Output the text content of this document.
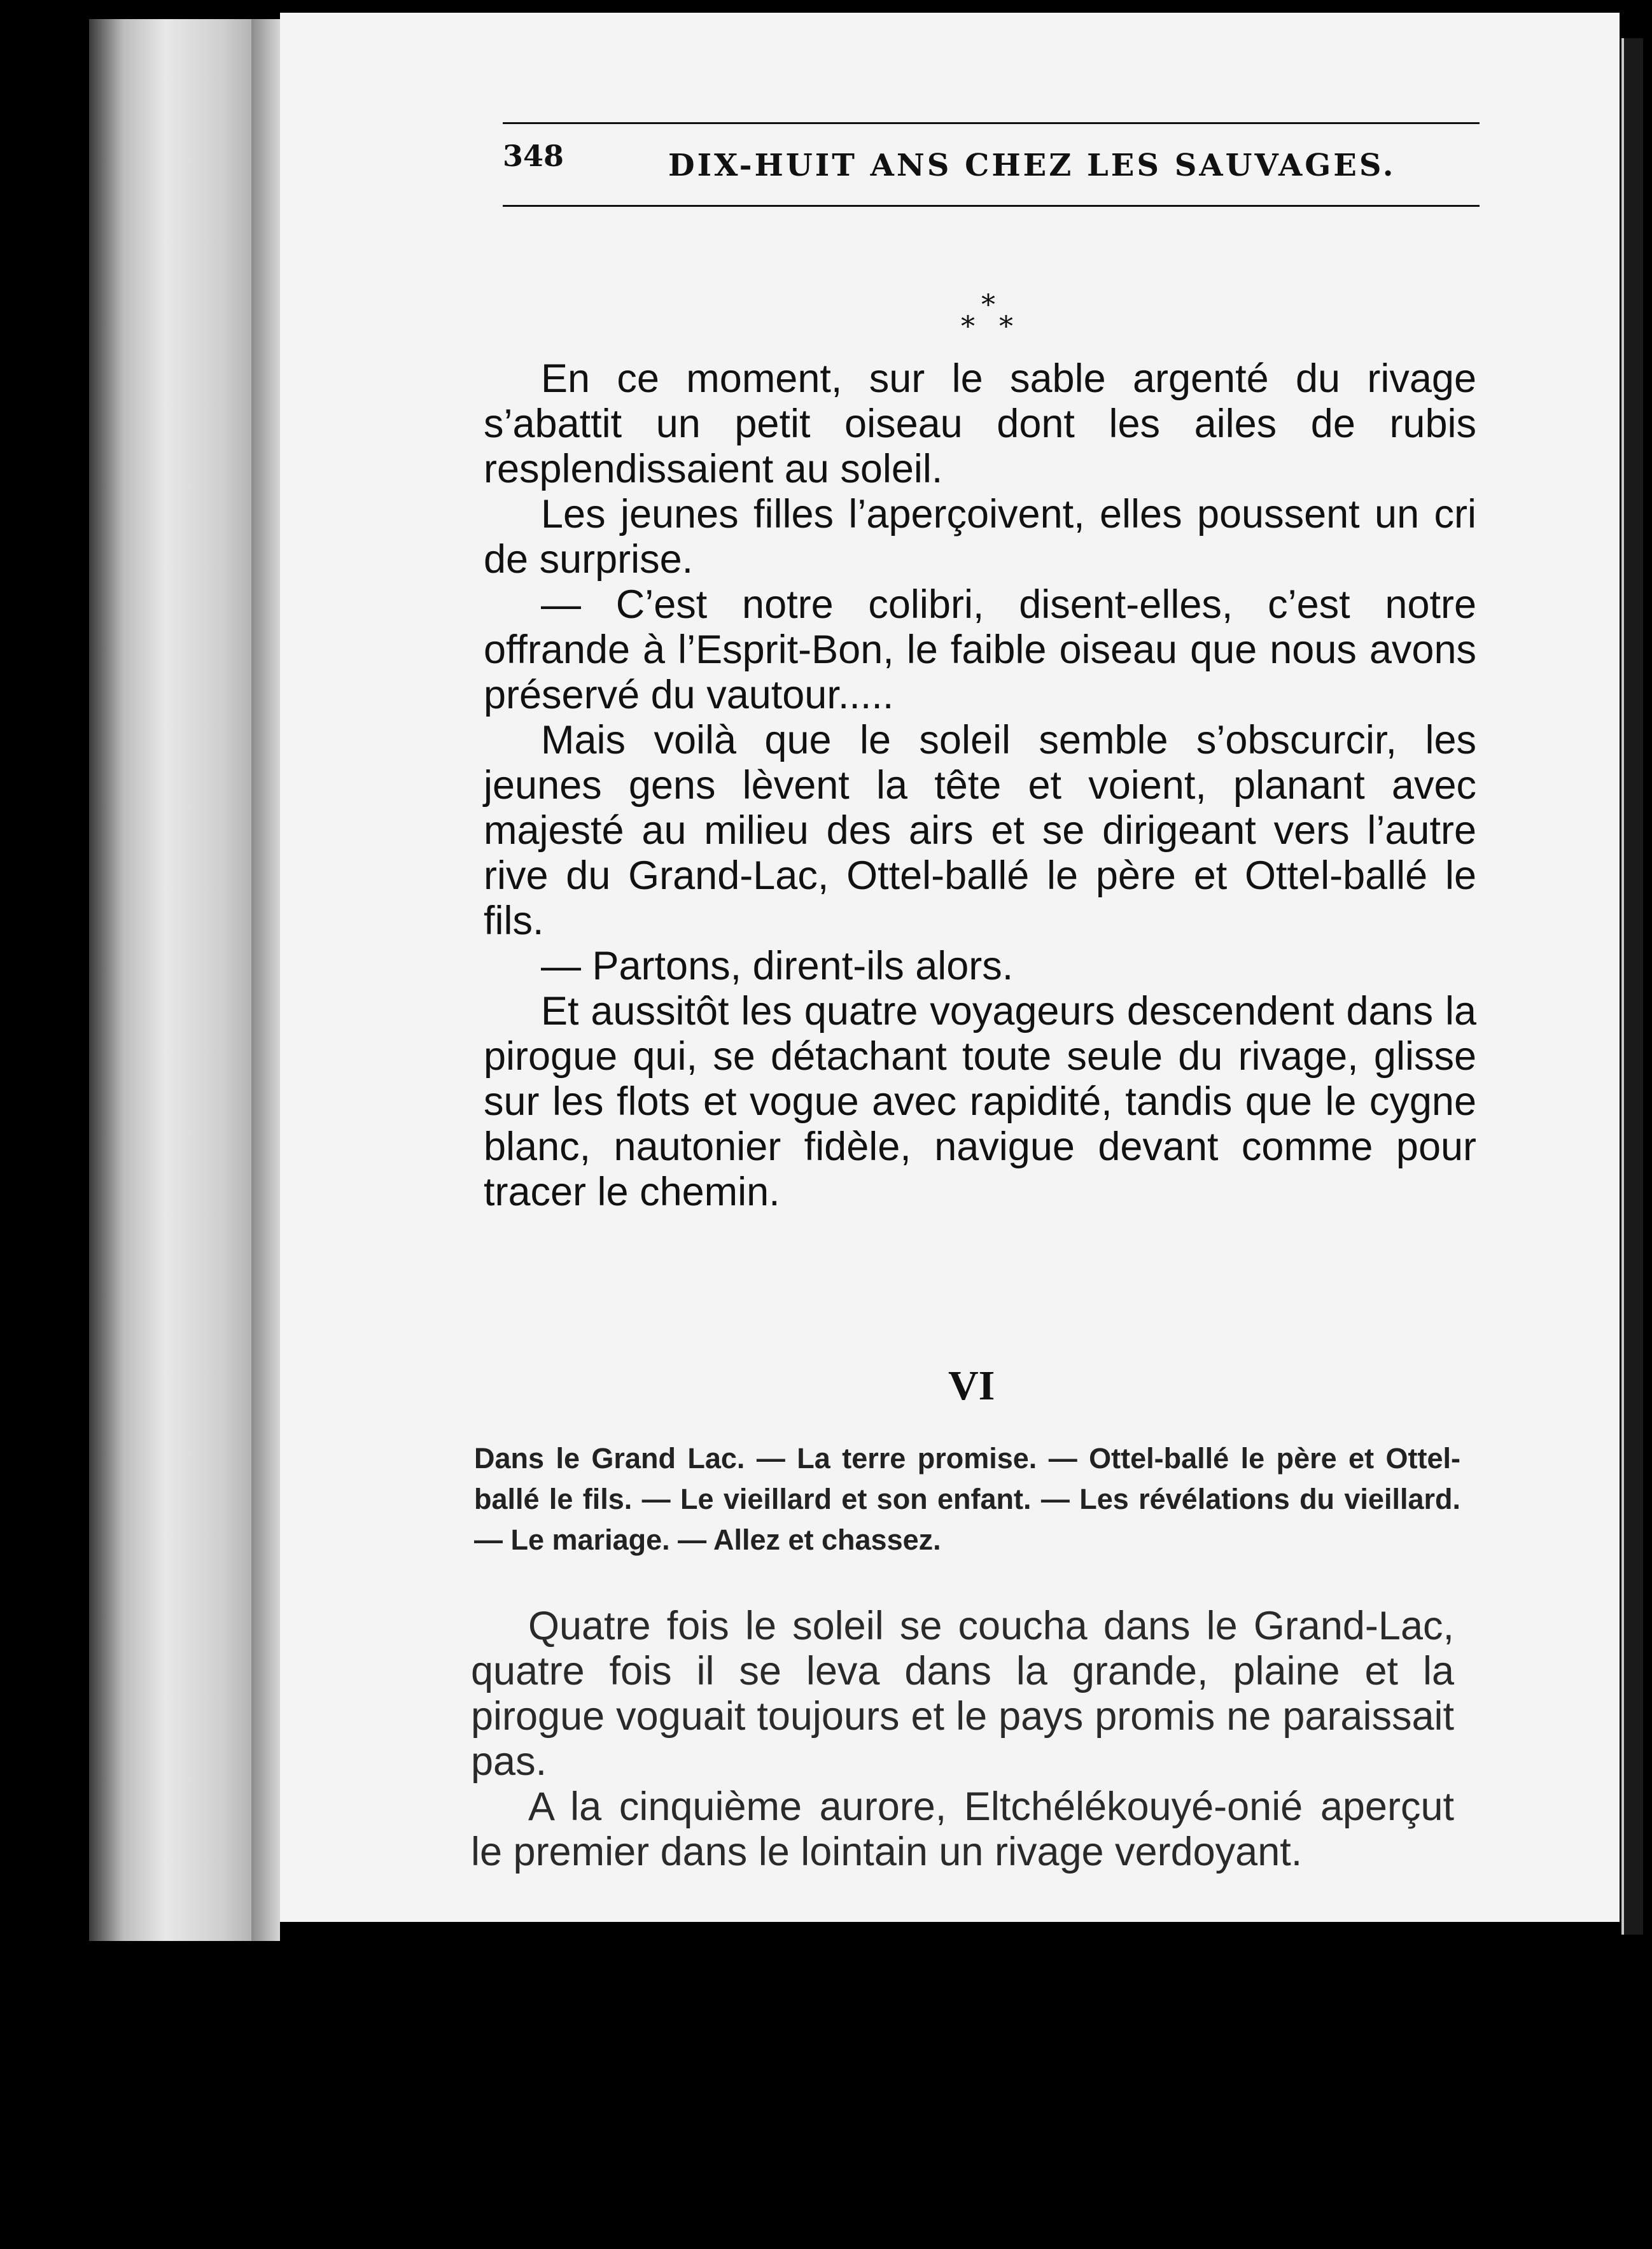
348	DIX-HUIT ANS CHEZ LES SAUVAGES.
*
* *

En ce moment, sur le sable argenté du rivage s’abattit un petit oiseau dont les ailes de rubis resplendissaient au soleil.

Les jeunes filles l’aperçoivent, elles poussent un cri de surprise.

— C’est notre colibri, disent-elles, c’est notre offrande à l’Esprit-Bon, le faible oiseau que nous avons préservé du vautour.....

Mais voilà que le soleil semble s’obscurcir, les jeunes gens lèvent la tête et voient, planant avec majesté au milieu des airs et se dirigeant vers l’autre rive du Grand-Lac, Ottel-ballé le père et Ottel-ballé le fils.

— Partons, dirent-ils alors.

Et aussitôt les quatre voyageurs descendent dans la pirogue qui, se détachant toute seule du rivage, glisse sur les flots et vogue avec rapidité, tandis que le cygne blanc, nautonier fidèle, navigue devant comme pour tracer le chemin.

VI
Dans le Grand Lac. — La terre promise. — Ottel-ballé le père et Ottel-ballé le fils. — Le vieillard et son enfant. — Les révélations du vieillard. — Le mariage. — Allez et chassez.

Quatre fois le soleil se coucha dans le Grand-Lac, quatre fois il se leva dans la grande, plaine et la pirogue voguait toujours et le pays promis ne paraissait pas.

A la cinquième aurore, Eltchélékouyé-onié aperçut le premier dans le lointain un rivage verdoyant.
